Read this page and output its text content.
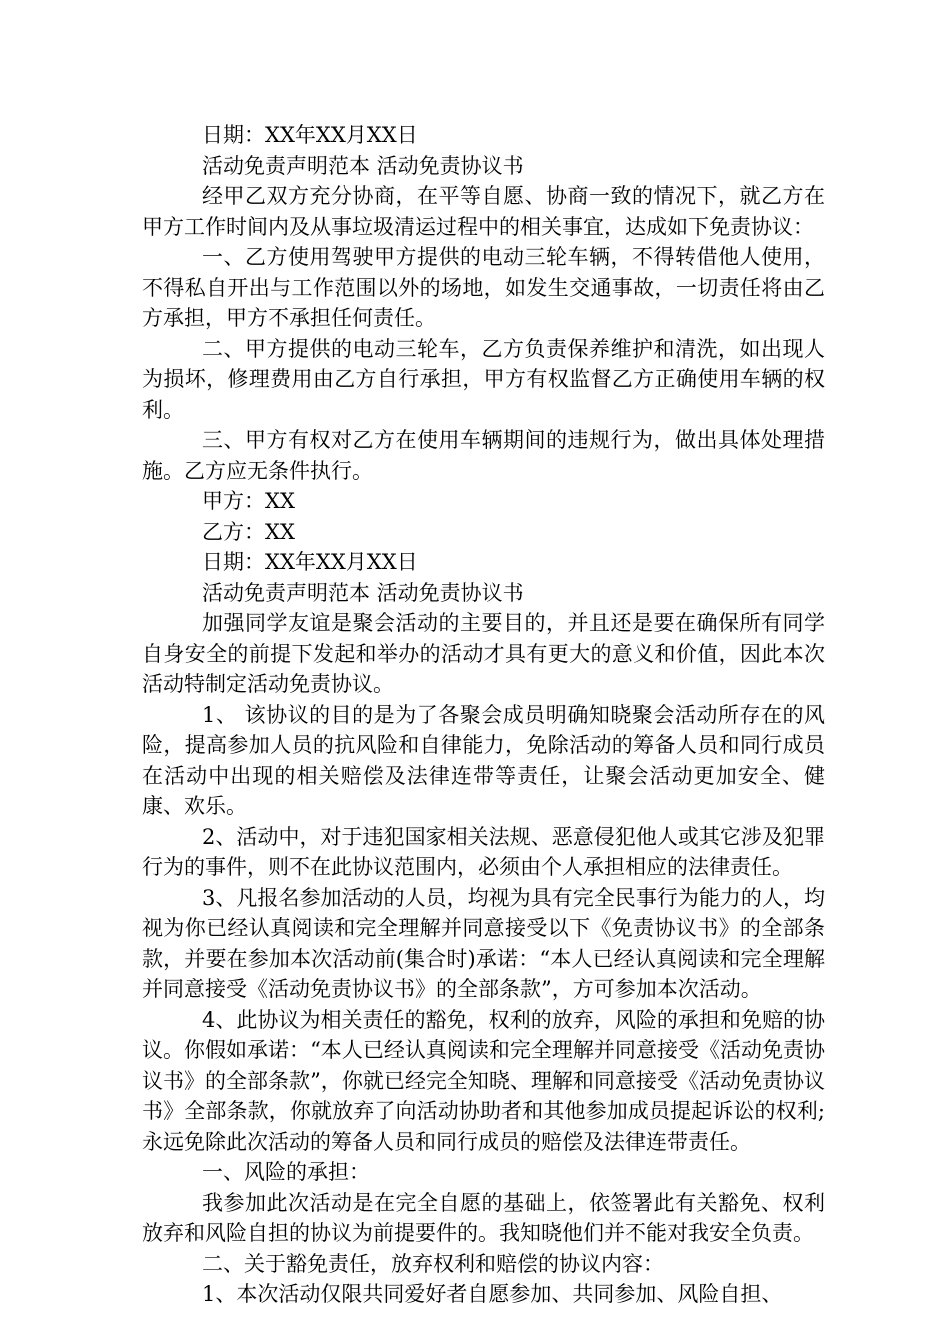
日期：XX年XX月XX日

活动免责声明范本 活动免责协议书

经甲乙双方充分协商，在平等自愿、协商一致的情况下，就乙方在甲方工作时间内及从事垃圾清运过程中的相关事宜，达成如下免责协议：

一、乙方使用驾驶甲方提供的电动三轮车辆，不得转借他人使用，不得私自开出与工作范围以外的场地，如发生交通事故，一切责任将由乙方承担，甲方不承担任何责任。

二、甲方提供的电动三轮车，乙方负责保养维护和清洗，如出现人为损坏，修理费用由乙方自行承担，甲方有权监督乙方正确使用车辆的权利。

三、甲方有权对乙方在使用车辆期间的违规行为，做出具体处理措施。乙方应无条件执行。

甲方：XX

乙方：XX

日期：XX年XX月XX日

活动免责声明范本 活动免责协议书

加强同学友谊是聚会活动的主要目的，并且还是要在确保所有同学自身安全的前提下发起和举办的活动才具有更大的意义和价值，因此本次活动特制定活动免责协议。

1、 该协议的目的是为了各聚会成员明确知晓聚会活动所存在的风险，提高参加人员的抗风险和自律能力，免除活动的筹备人员和同行成员在活动中出现的相关赔偿及法律连带等责任，让聚会活动更加安全、健康、欢乐。

2、活动中，对于违犯国家相关法规、恶意侵犯他人或其它涉及犯罪行为的事件，则不在此协议范围内，必须由个人承担相应的法律责任。

3、凡报名参加活动的人员，均视为具有完全民事行为能力的人，均视为你已经认真阅读和完全理解并同意接受以下《免责协议书》的全部条款，并要在参加本次活动前(集合时)承诺：“本人已经认真阅读和完全理解并同意接受《活动免责协议书》的全部条款”，方可参加本次活动。

4、此协议为相关责任的豁免，权利的放弃，风险的承担和免赔的协议。你假如承诺：“本人已经认真阅读和完全理解并同意接受《活动免责协议书》的全部条款”，你就已经完全知晓、理解和同意接受《活动免责协议书》全部条款，你就放弃了向活动协助者和其他参加成员提起诉讼的权利;永远免除此次活动的筹备人员和同行成员的赔偿及法律连带责任。

一、风险的承担：

我参加此次活动是在完全自愿的基础上，依签署此有关豁免、权利放弃和风险自担的协议为前提要件的。我知晓他们并不能对我安全负责。

二、关于豁免责任，放弃权利和赔偿的协议内容：

1、本次活动仅限共同爱好者自愿参加、共同参加、风险自担、
